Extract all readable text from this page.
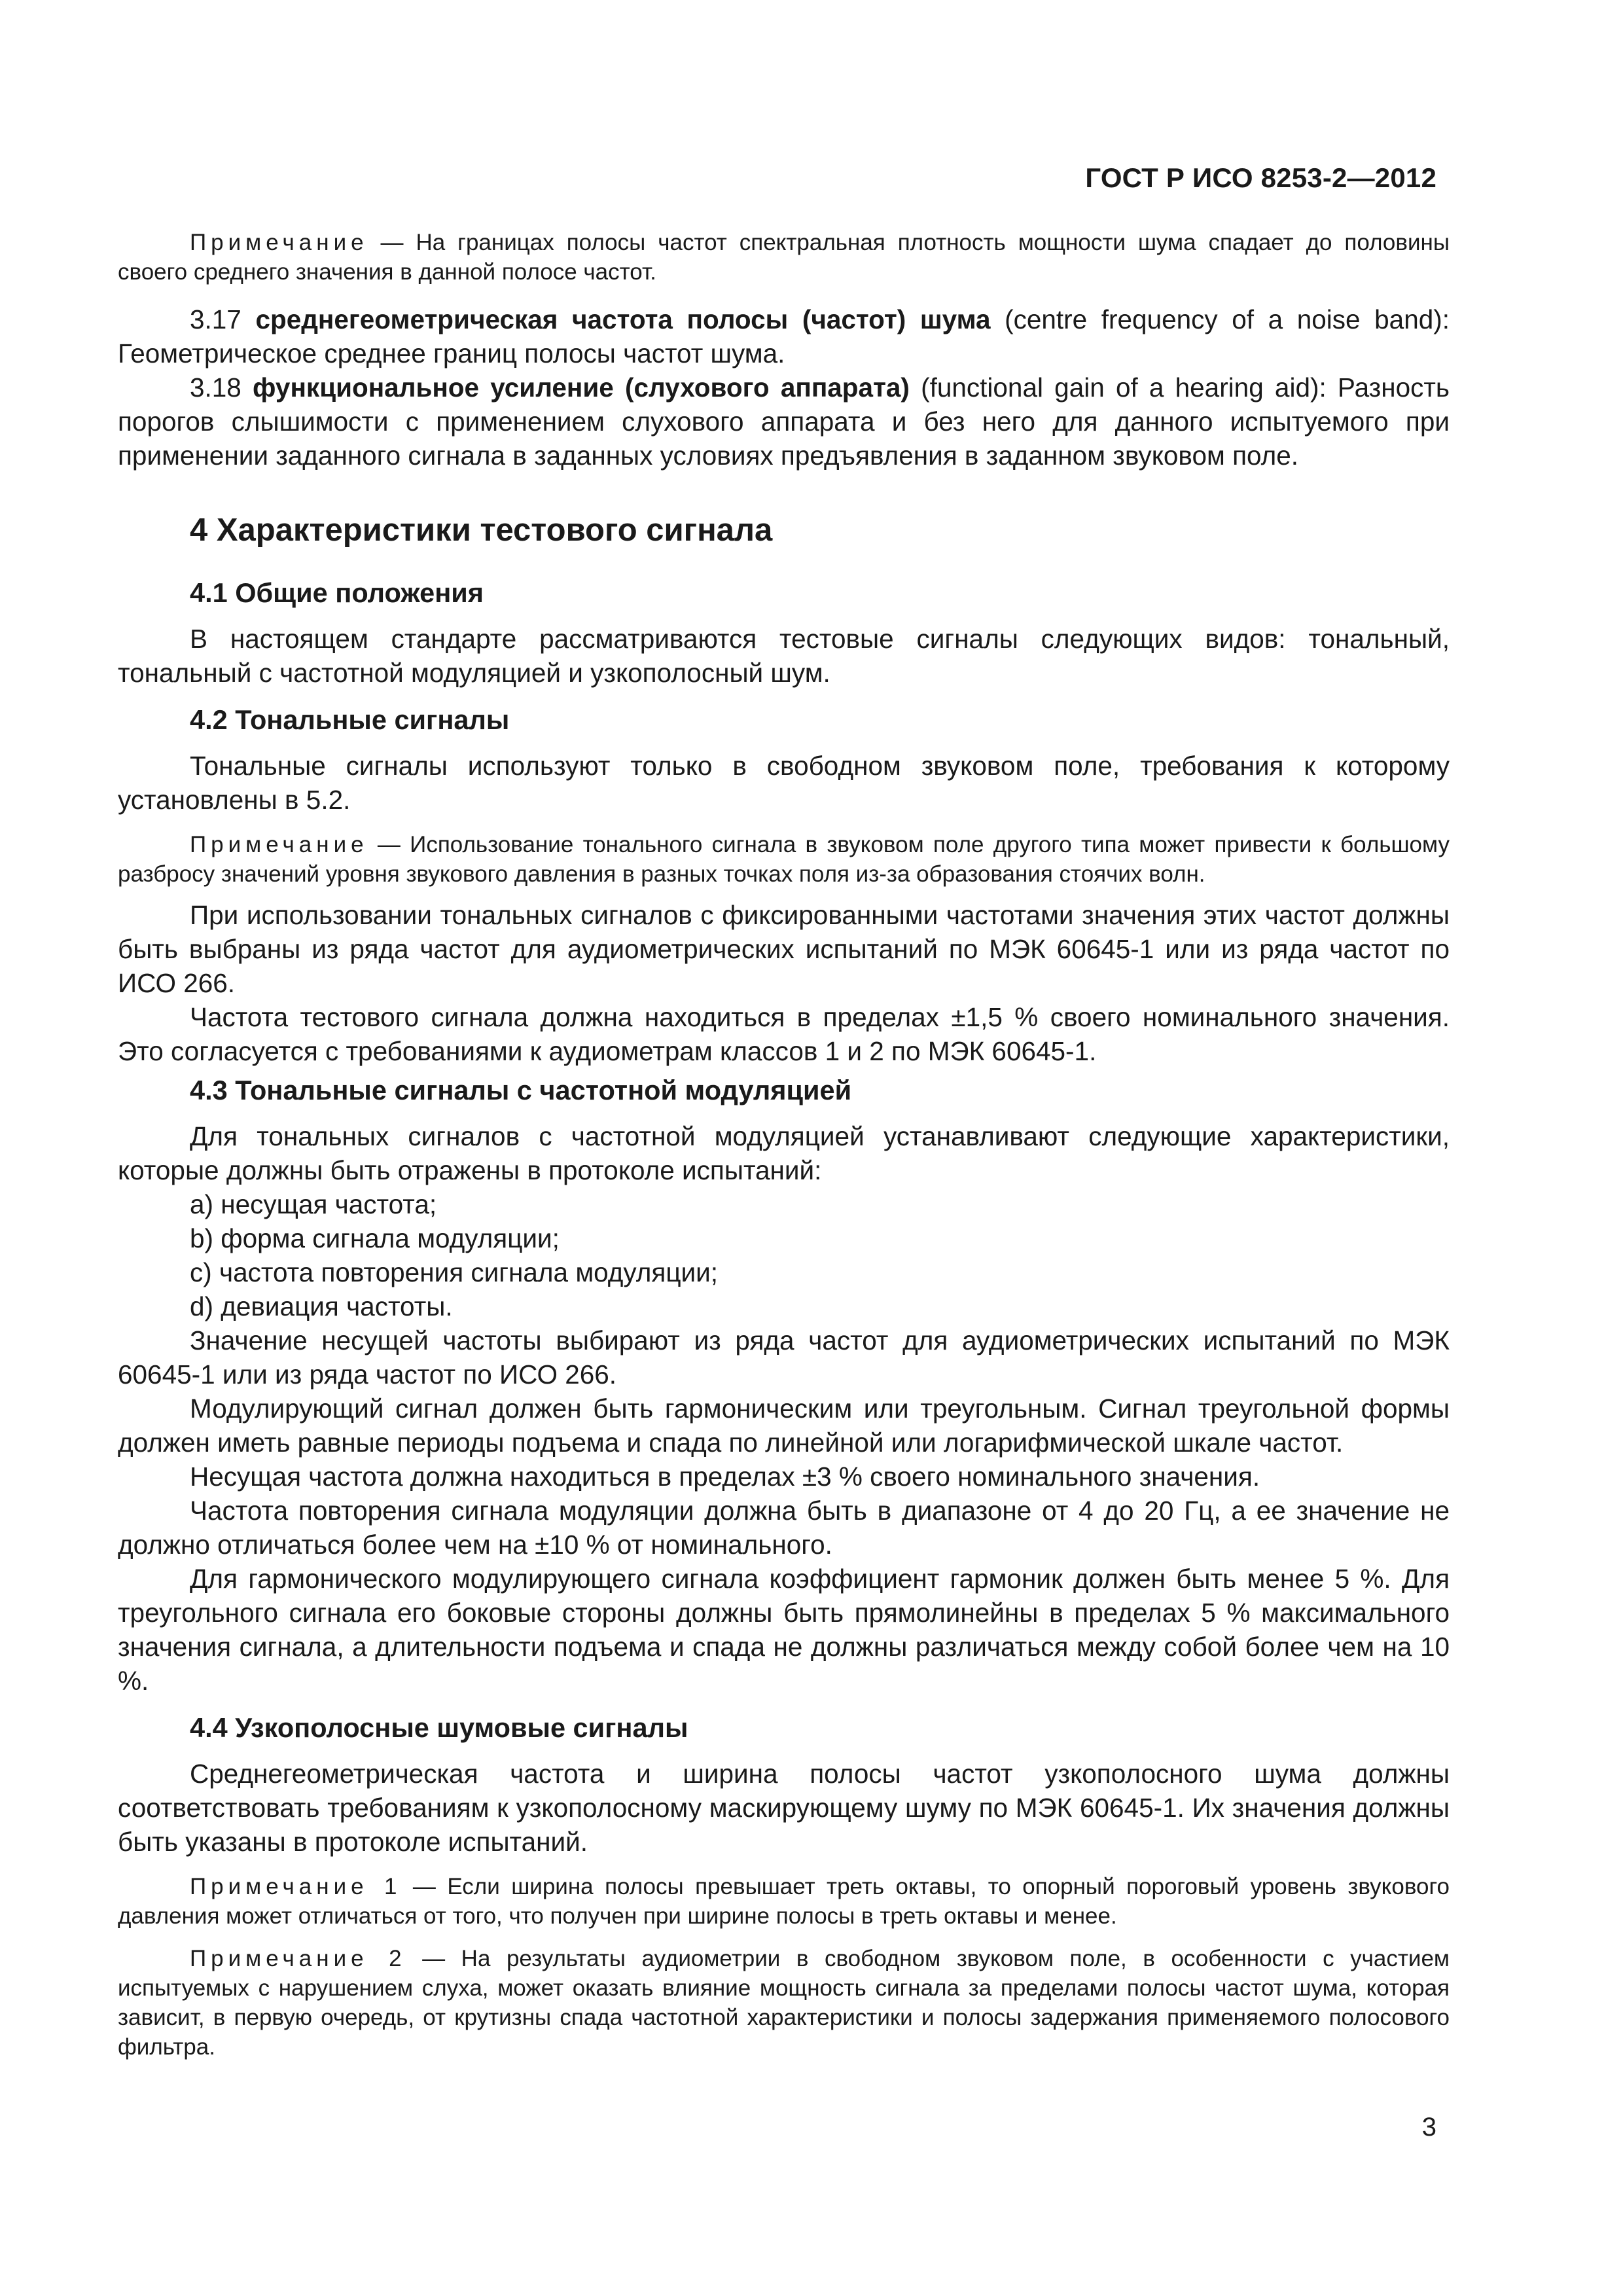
ГОСТ Р ИСО 8253-2—2012

Примечание — На границах полосы частот спектральная плотность мощности шума спадает до половины своего среднего значения в данной полосе частот.

3.17 среднегеометрическая частота полосы (частот) шума (centre frequency of a noise band): Геометрическое среднее границ полосы частот шума.

3.18 функциональное усиление (слухового аппарата) (functional gain of a hearing aid): Разность порогов слышимости с применением слухового аппарата и без него для данного испытуемого при применении заданного сигнала в заданных условиях предъявления в заданном звуковом поле.

4 Характеристики тестового сигнала
4.1 Общие положения

В настоящем стандарте рассматриваются тестовые сигналы следующих видов: тональный, тональный с частотной модуляцией и узкополосный шум.

4.2 Тональные сигналы

Тональные сигналы используют только в свободном звуковом поле, требования к которому установлены в 5.2.

Примечание — Использование тонального сигнала в звуковом поле другого типа может привести к большому разбросу значений уровня звукового давления в разных точках поля из-за образования стоячих волн.

При использовании тональных сигналов с фиксированными частотами значения этих частот должны быть выбраны из ряда частот для аудиометрических испытаний по МЭК 60645-1 или из ряда частот по ИСО 266.

Частота тестового сигнала должна находиться в пределах ±1,5 % своего номинального значения. Это согласуется с требованиями к аудиометрам классов 1 и 2 по МЭК 60645-1.

4.3 Тональные сигналы с частотной модуляцией

Для тональных сигналов с частотной модуляцией устанавливают следующие характеристики, которые должны быть отражены в протоколе испытаний:

a) несущая частота;
b) форма сигнала модуляции;
c) частота повторения сигнала модуляции;
d) девиация частоты.

Значение несущей частоты выбирают из ряда частот для аудиометрических испытаний по МЭК 60645-1 или из ряда частот по ИСО 266.

Модулирующий сигнал должен быть гармоническим или треугольным. Сигнал треугольной формы должен иметь равные периоды подъема и спада по линейной или логарифмической шкале частот.

Несущая частота должна находиться в пределах ±3 % своего номинального значения.

Частота повторения сигнала модуляции должна быть в диапазоне от 4 до 20 Гц, а ее значение не должно отличаться более чем на ±10 % от номинального.

Для гармонического модулирующего сигнала коэффициент гармоник должен быть менее 5 %. Для треугольного сигнала его боковые стороны должны быть прямолинейны в пределах 5 % максимального значения сигнала, а длительности подъема и спада не должны различаться между собой более чем на 10 %.

4.4 Узкополосные шумовые сигналы

Среднегеометрическая частота и ширина полосы частот узкополосного шума должны соответствовать требованиям к узкополосному маскирующему шуму по МЭК 60645-1. Их значения должны быть указаны в протоколе испытаний.

Примечание 1 — Если ширина полосы превышает треть октавы, то опорный пороговый уровень звукового давления может отличаться от того, что получен при ширине полосы в треть октавы и менее.

Примечание 2 — На результаты аудиометрии в свободном звуковом поле, в особенности с участием испытуемых с нарушением слуха, может оказать влияние мощность сигнала за пределами полосы частот шума, которая зависит, в первую очередь, от крутизны спада частотной характеристики и полосы задержания применяемого полосового фильтра.

3
